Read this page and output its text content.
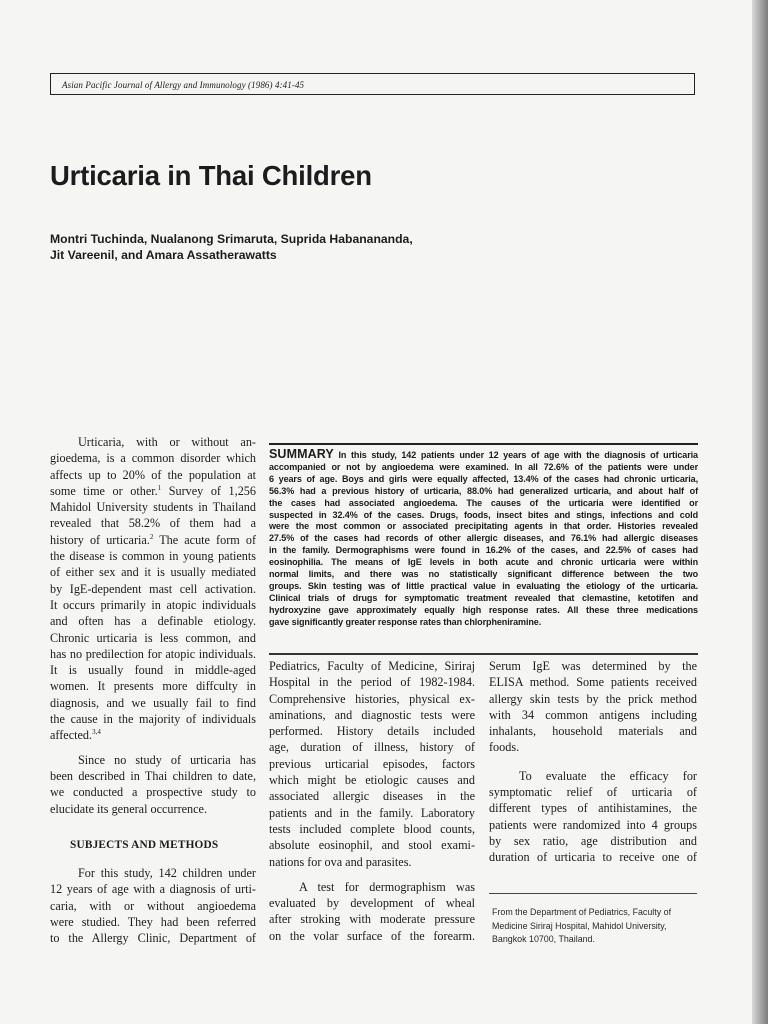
Asian Pacific Journal of Allergy and Immunology (1986) 4:41-45
Urticaria in Thai Children
Montri Tuchinda, Nualanong Srimaruta, Suprida Habanananda,
Jit Vareenil, and Amara Assatherawatts
Urticaria, with or without an-
gioedema, is a common disorder which
affects up to 20% of the population at
some time or other.$^1$ Survey of 1,256
Mahidol University students in Thailand
revealed that 58.2% of them had a
history of urticaria.$^2$ The acute form of
the disease is common in young patients
of either sex and it is usually mediated
by IgE-dependent mast cell activation.
It occurs primarily in atopic individuals
and often has a definable etiology.
Chronic urticaria is less common, and
has no predilection for atopic individuals.
It is usually found in middle-aged
women. It presents more diffculty in
diagnosis, and we usually fail to find
the cause in the majority of individuals
affected.$^{3,4}$
Since no study of urticaria has
been described in Thai children to date,
we conducted a prospective study to
elucidate its general occurrence.
SUBJECTS AND METHODS
For this study, 142 children under
12 years of age with a diagnosis of urti-
caria, with or without angioedema
were studied. They had been referred
to the Allergy Clinic, Department of
SUMMARY In this study, 142 patients under 12 years of age with the diagnosis of urticaria
accompanied or not by angioedema were examined. In all 72.6% of the patients were under
6 years of age. Boys and girls were equally affected, 13.4% of the cases had chronic urticaria,
56.3% had a previous history of urticaria, 88.0% had generalized urticaria, and about half of
the cases had associated angioedema. The causes of the urticaria were identified or
suspected in 32.4% of the cases. Drugs, foods, insect bites and stings, infections and cold
were the most common or associated precipitating agents in that order. Histories revealed
27.5% of the cases had records of other allergic diseases, and 76.1% had allergic diseases
in the family. Dermographisms were found in 16.2% of the cases, and 22.5% of cases had
eosinophilia. The means of IgE levels in both acute and chronic urticaria were within
normal limits, and there was no statistically significant difference between the two
groups. Skin testing was of little practical value in evaluating the etiology of the urticaria.
Clinical trials of drugs for symptomatic treatment revealed that clemastine, ketotifen and
hydroxyzine gave approximately equally high response rates. All these three medications
gave significantly greater response rates than chlorpheniramine.
Pediatrics, Faculty of Medicine, Siriraj
Hospital in the period of 1982-1984.
Comprehensive histories, physical ex-
aminations, and diagnostic tests were
performed. History details included
age, duration of illness, history of
previous urticarial episodes, factors
which might be etiologic causes and
associated allergic diseases in the
patients and in the family. Laboratory
tests included complete blood counts,
absolute eosinophil, and stool exami-
nations for ova and parasites.
A test for dermographism was
evaluated by development of wheal
after stroking with moderate pressure
on the volar surface of the forearm.
Serum IgE was determined by the
ELISA method. Some patients received
allergy skin tests by the prick method
with 34 common antigens including
inhalants, household materials and
foods.
To evaluate the efficacy for
symptomatic relief of urticaria of
different types of antihistamines, the
patients were randomized into 4 groups
by sex ratio, age distribution and
duration of urticaria to receive one of
From the Department of Pediatrics, Faculty of
Medicine Siriraj Hospital, Mahidol University,
Bangkok 10700, Thailand.
